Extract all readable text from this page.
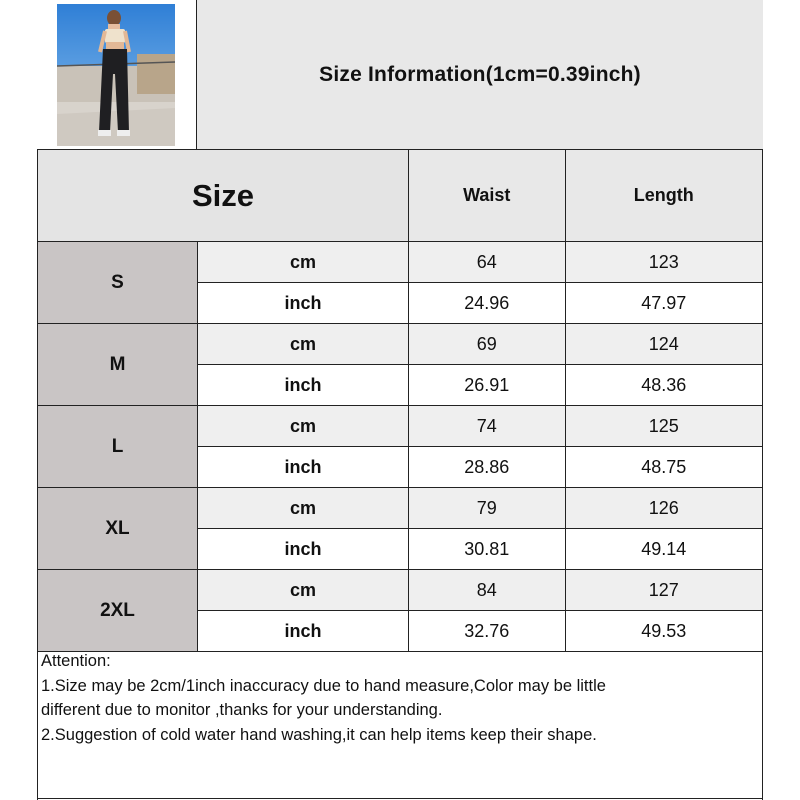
Size Information(1cm=0.39inch)
Size		Waist	Length
S	cm	64	123
	inch	24.96	47.97
M	cm	69	124
	inch	26.91	48.36
L	cm	74	125
	inch	28.86	48.75
XL	cm	79	126
	inch	30.81	49.14
2XL	cm	84	127
	inch	32.76	49.53
Attention:
1.Size may be 2cm/1inch inaccuracy due to hand measure,Color may be little
different due to monitor ,thanks for your understanding.
2.Suggestion of cold water hand washing,it can help items keep their shape.
